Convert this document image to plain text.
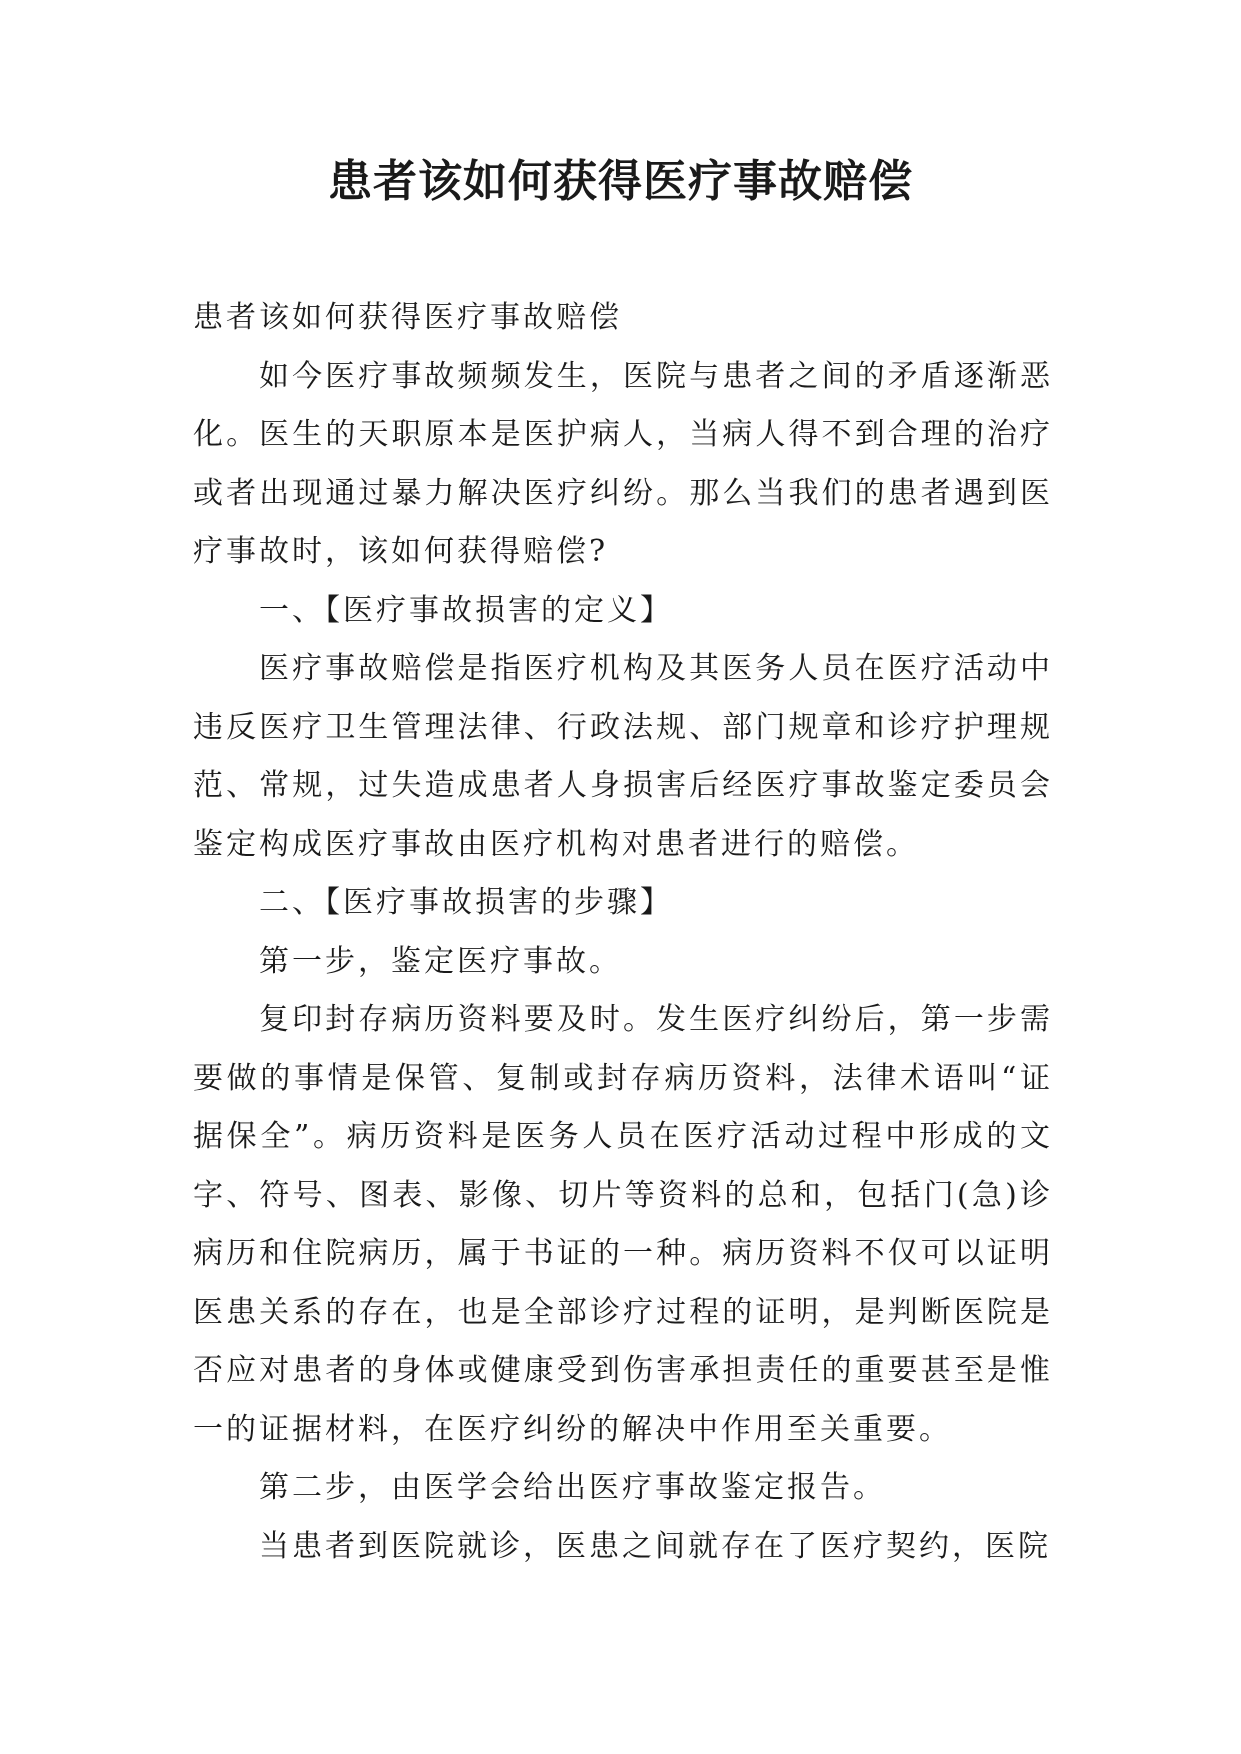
患者该如何获得医疗事故赔偿

患者该如何获得医疗事故赔偿

如今医疗事故频频发生，医院与患者之间的矛盾逐渐恶化。医生的天职原本是医护病人，当病人得不到合理的治疗或者出现通过暴力解决医疗纠纷。那么当我们的患者遇到医疗事故时，该如何获得赔偿?

一、【医疗事故损害的定义】

医疗事故赔偿是指医疗机构及其医务人员在医疗活动中违反医疗卫生管理法律、行政法规、部门规章和诊疗护理规范、常规，过失造成患者人身损害后经医疗事故鉴定委员会鉴定构成医疗事故由医疗机构对患者进行的赔偿。

二、【医疗事故损害的步骤】

第一步，鉴定医疗事故。

复印封存病历资料要及时。发生医疗纠纷后，第一步需要做的事情是保管、复制或封存病历资料，法律术语叫“证据保全”。病历资料是医务人员在医疗活动过程中形成的文字、符号、图表、影像、切片等资料的总和，包括门(急)诊病历和住院病历，属于书证的一种。病历资料不仅可以证明医患关系的存在，也是全部诊疗过程的证明，是判断医院是否应对患者的身体或健康受到伤害承担责任的重要甚至是惟一的证据材料，在医疗纠纷的解决中作用至关重要。

第二步，由医学会给出医疗事故鉴定报告。

当患者到医院就诊，医患之间就存在了医疗契约，医院
